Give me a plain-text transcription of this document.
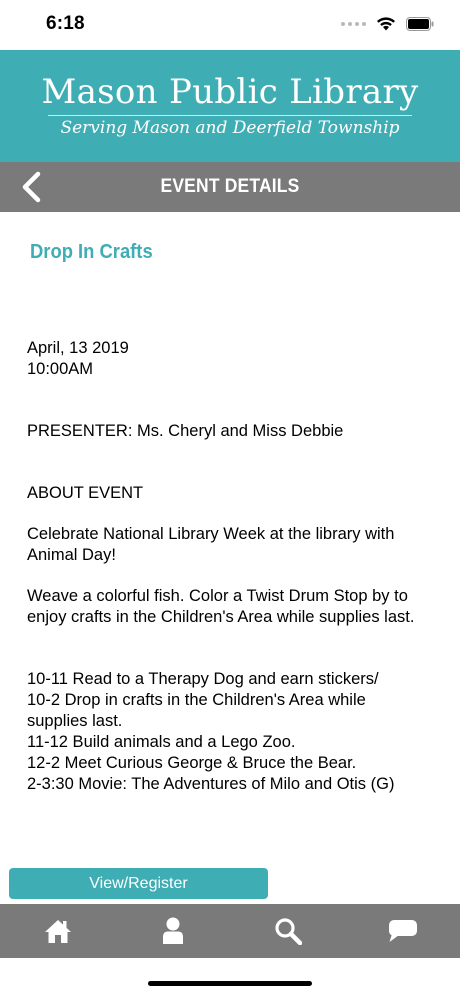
6:18
Mason Public Library
Serving Mason and Deerfield Township
EVENT DETAILS
Drop In Crafts
April, 13 2019
10:00AM
PRESENTER: Ms. Cheryl and Miss Debbie
ABOUT EVENT
Celebrate National Library Week at the library with Animal Day!
Weave a colorful fish. Color a Twist Drum Stop by to enjoy crafts in the Children's Area while supplies last.
10-11 Read to a Therapy Dog and earn stickers/
10-2 Drop in crafts in the Children's Area while
supplies last.
11-12 Build animals and a Lego Zoo.
12-2 Meet Curious George & Bruce the Bear.
2-3:30 Movie: The Adventures of Milo and Otis (G)
View/Register
